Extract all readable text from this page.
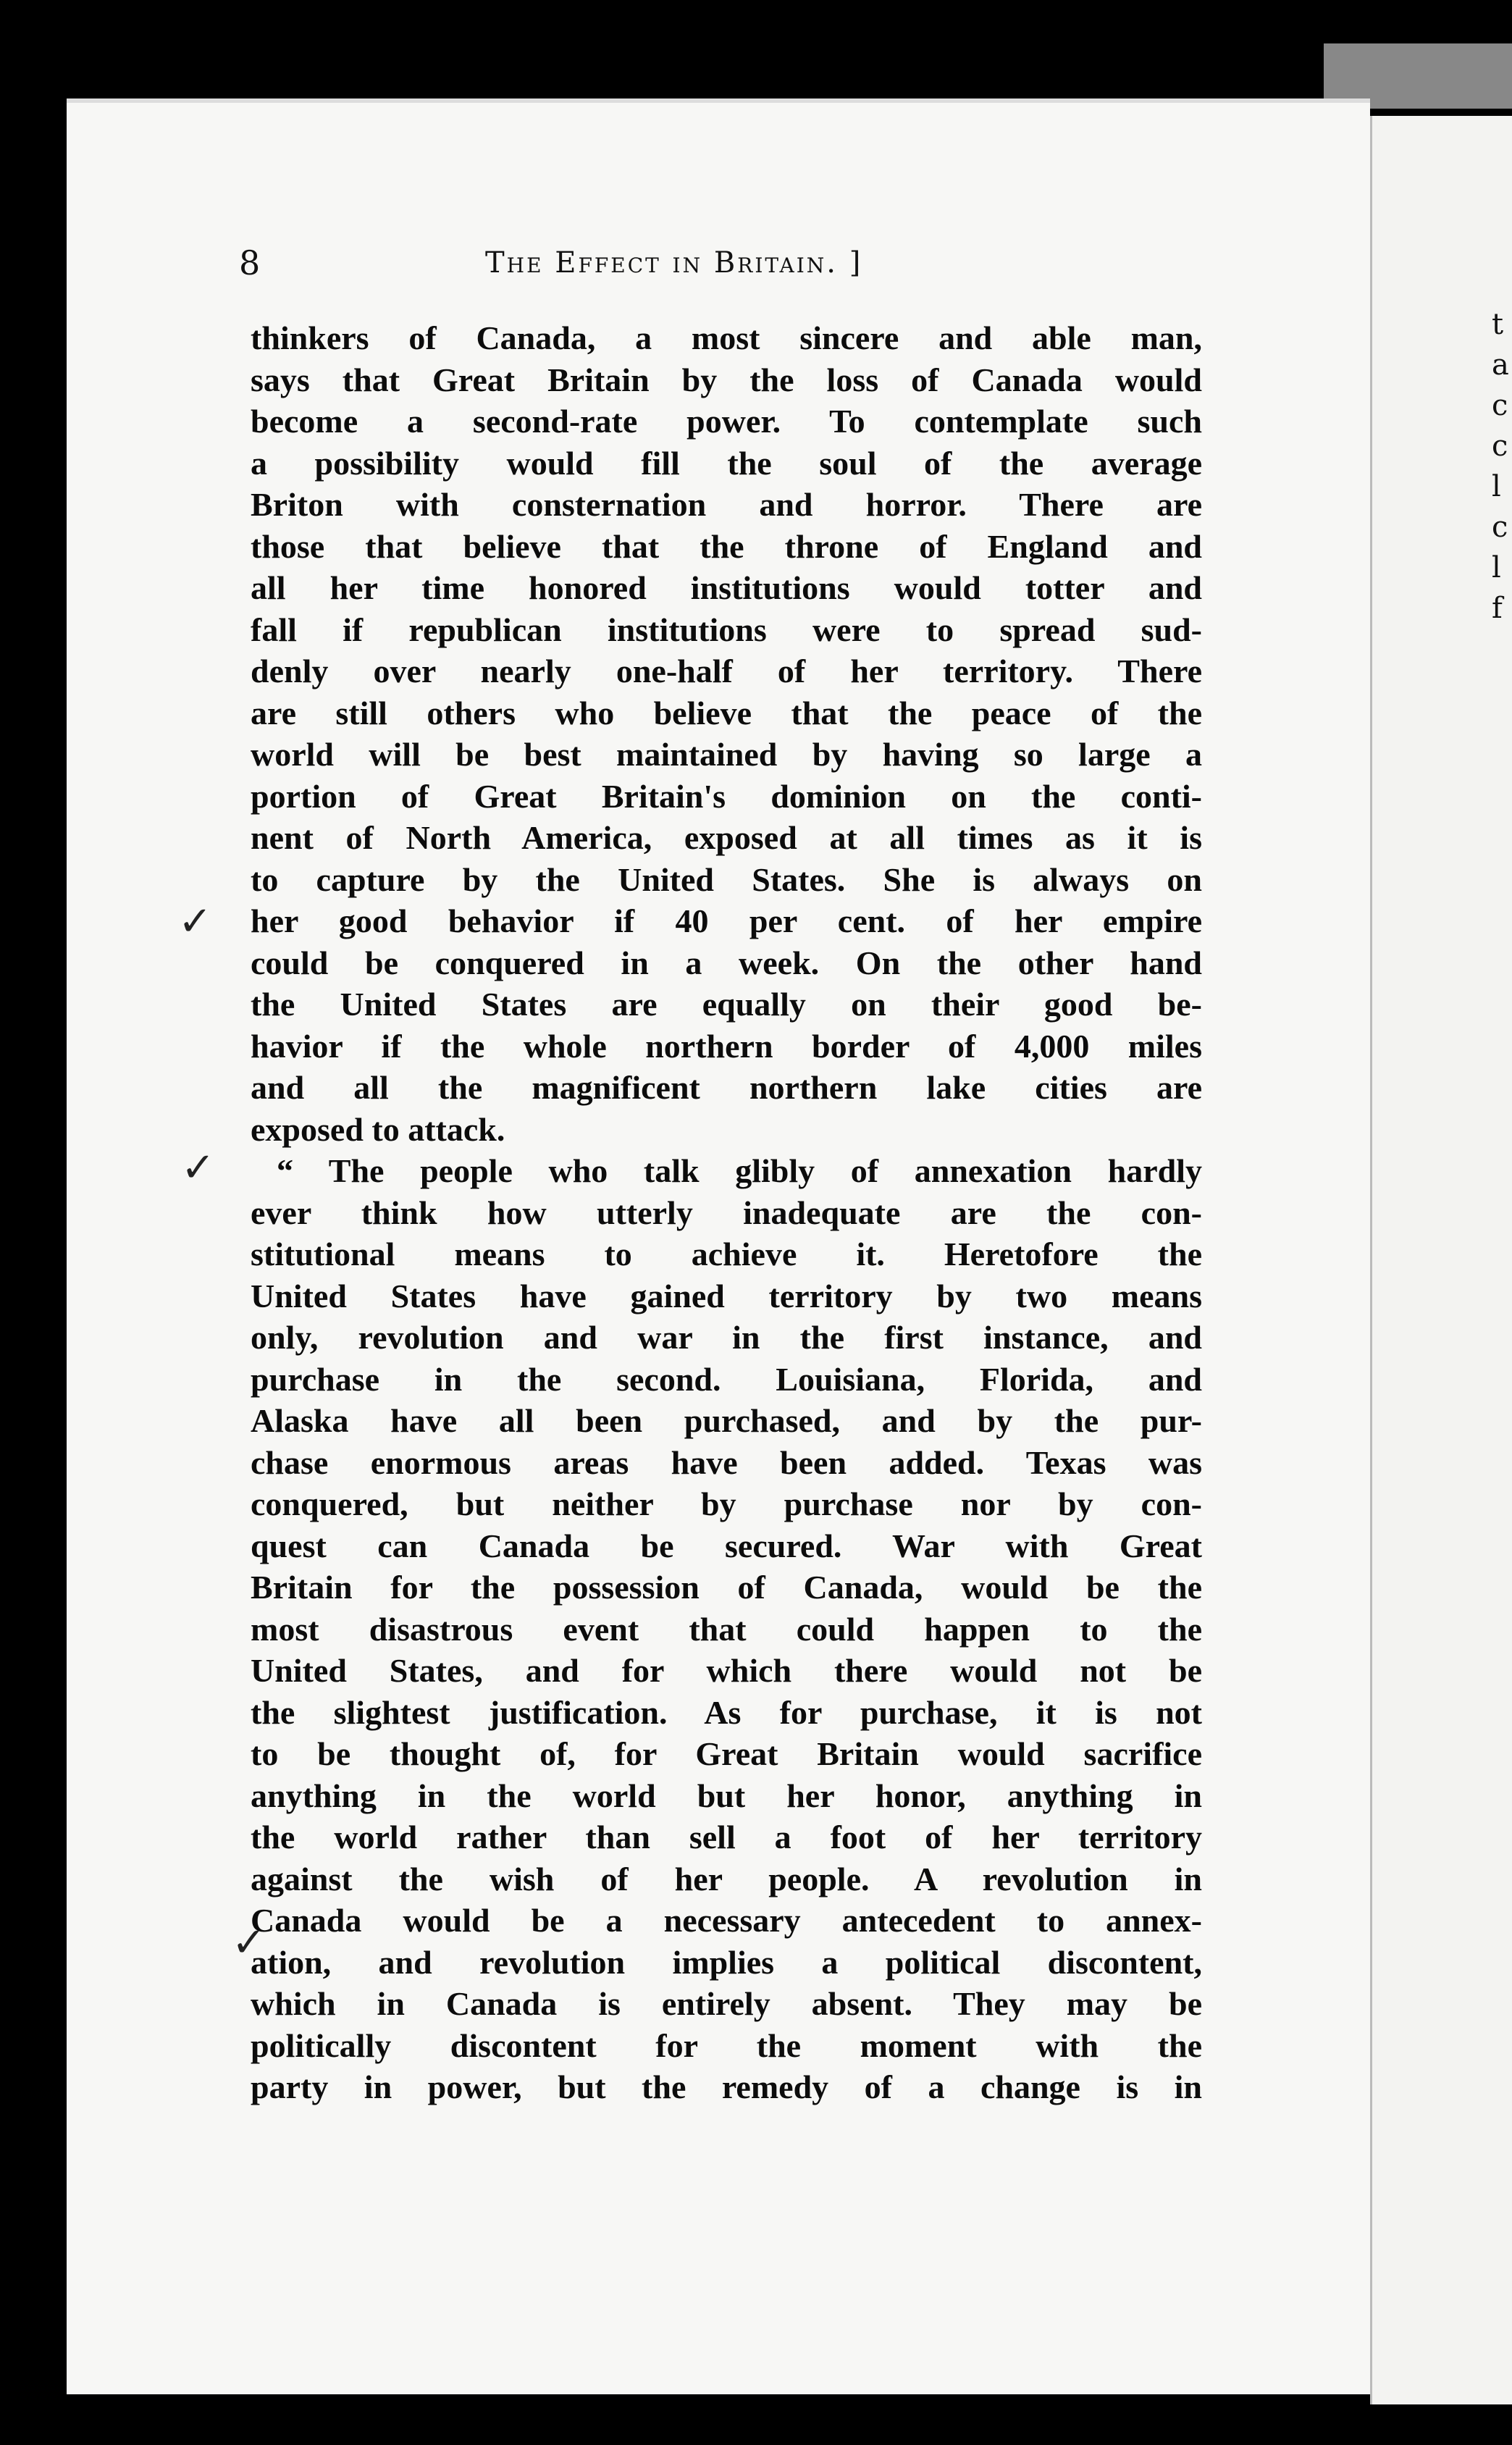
t
a
c
c
l
c
l
f
✓
✓
✓
8	The Effect in Britain. ]
thinkers of Canada, a most sincere and able man,
says that Great Britain by the loss of Canada would
become a second-rate power. To contemplate such
a possibility would fill the soul of the average
Briton with consternation and horror. There are
those that believe that the throne of England and
all her time honored institutions would totter and
fall if republican institutions were to spread sud-
denly over nearly one-half of her territory. There
are still others who believe that the peace of the
world will be best maintained by having so large a
portion of Great Britain's dominion on the conti-
nent of North America, exposed at all times as it is
to capture by the United States. She is always on
her good behavior if 40 per cent. of her empire
could be conquered in a week. On the other hand
the United States are equally on their good be-
havior if the whole northern border of 4,000 miles
and all the magnificent northern lake cities are
exposed to attack.
“ The people who talk glibly of annexation hardly
ever think how utterly inadequate are the con-
stitutional means to achieve it. Heretofore the
United States have gained territory by two means
only, revolution and war in the first instance, and
purchase in the second. Louisiana, Florida, and
Alaska have all been purchased, and by the pur-
chase enormous areas have been added. Texas was
conquered, but neither by purchase nor by con-
quest can Canada be secured. War with Great
Britain for the possession of Canada, would be the
most disastrous event that could happen to the
United States, and for which there would not be
the slightest justification. As for purchase, it is not
to be thought of, for Great Britain would sacrifice
anything in the world but her honor, anything in
the world rather than sell a foot of her territory
against the wish of her people. A revolution in
Canada would be a necessary antecedent to annex-
ation, and revolution implies a political discontent,
which in Canada is entirely absent. They may be
politically discontent for the moment with the
party in power, but the remedy of a change is in
